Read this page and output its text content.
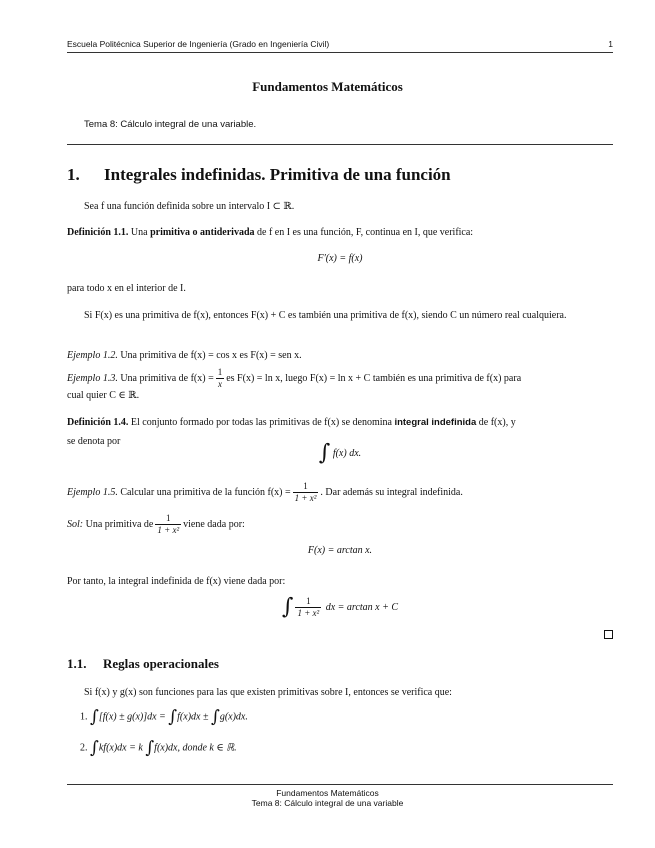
Escuela Politécnica Superior de Ingeniería (Grado en Ingeniería Civil)	1
Fundamentos Matemáticos
Tema 8: Cálculo integral de una variable.
1. Integrales indefinidas. Primitiva de una función
Sea f una función definida sobre un intervalo I ⊂ ℝ.
Definición 1.1. Una primitiva o antiderivada de f en I es una función, F, continua en I, que verifica:
F′(x) = f(x)
para todo x en el interior de I.
Si F(x) es una primitiva de f(x), entonces F(x) + C es también una primitiva de f(x), siendo C un número real cualquiera.
Ejemplo 1.2. Una primitiva de f(x) = cos x es F(x) = sen x.
Ejemplo 1.3. Una primitiva de $f(x) = \frac{1}{x}$ es F(x) = ln x, luego F(x) = ln x + C también es una primitiva de f(x) para
cual quier C ∈ ℝ.
Definición 1.4. El conjunto formado por todas las primitivas de f(x) se denomina integral indefinida de f(x), y
se denota por	∫ f(x) dx.
Ejemplo 1.5. Calcular una primitiva de la función $f(x) = \frac{1}{\text{1 + x²}}$ . Dar además su integral indefinida.
Sol: Una primitiva de $\frac{1}{\text{1 + x²}}$ viene dada por:
F(x) = arctan x.
Por tanto, la integral indefinida de f(x) viene dada por:
∫ $\frac{1}{\text{1 + x²}}$ dx = arctan x + C
1.1. Reglas operacionales
Si f(x) y g(x) son funciones para las que existen primitivas sobre I, entonces se verifica que:
1. ∫[f(x) ± g(x)]dx = ∫f(x)dx ± ∫g(x)dx.
2. ∫kf(x)dx = k ∫f(x)dx, donde k ∈ ℝ.
Fundamentos Matemáticos
Tema 8: Cálculo integral de una variable
